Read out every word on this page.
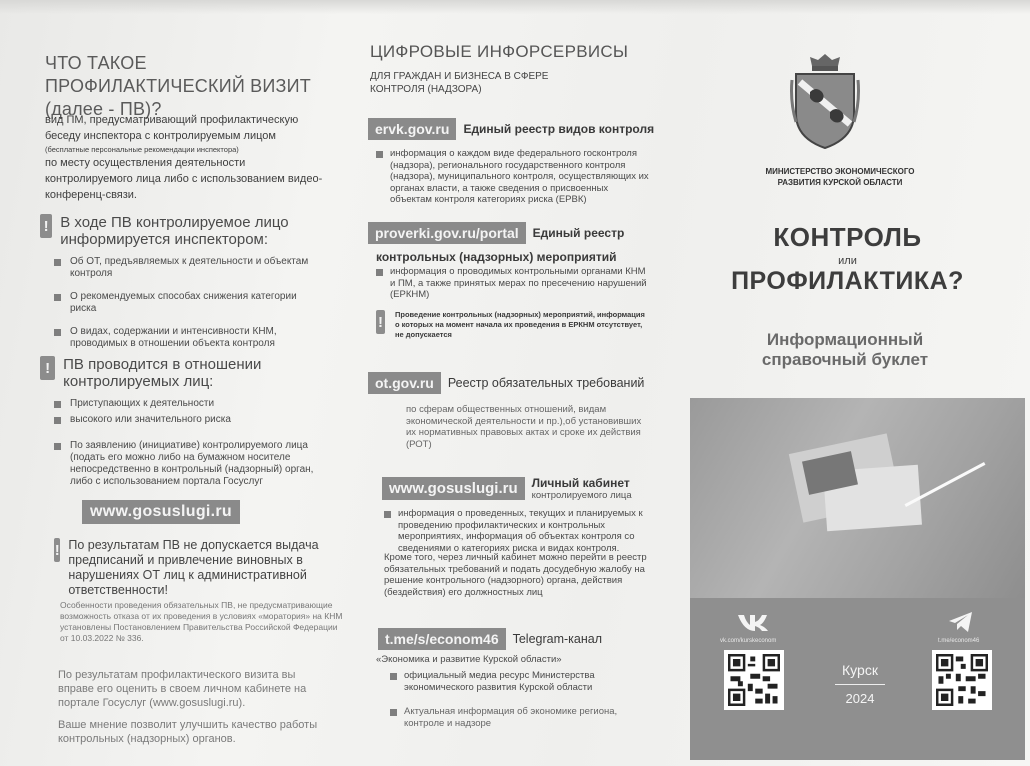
ЧТО ТАКОЕ ПРОФИЛАКТИЧЕСКИЙ ВИЗИТ (далее - ПВ)?
вид ПМ, предусматривающий профилактическую беседу инспектора с контролируемым лицом
(бесплатные персональные рекомендации инспектора)
по месту осуществления деятельности контролируемого лица либо с использованием видео-конференц-связи.
! В ходе ПВ контролируемое лицо информируется инспектором:
Об ОТ, предъявляемых к деятельности и объектам контроля
О рекомендуемых способах снижения категории риска
О видах, содержании и интенсивности КНМ, проводимых в отношении объекта контроля
! ПВ проводится в отношении контролируемых лиц:
Приступающих к деятельности
высокого или значительного риска
По заявлению (инициативе) контролируемого лица (подать его можно либо на бумажном носителе непосредственно в контрольный (надзорный) орган, либо с использованием портала Госуслуг
www.gosuslugi.ru
! По результатам ПВ не допускается выдача предписаний и привлечение виновных в нарушениях ОТ лиц к административной ответственности!
Особенности проведения обязательных ПВ, не предусматривающие возможность отказа от их проведения в условиях «моратория» на КНМ установлены Постановлением Правительства Российской Федерации от 10.03.2022 № 336.
По результатам профилактического визита вы вправе его оценить в своем личном кабинете на портале Госуслуг (www.gosuslugi.ru).
Ваше мнение позволит улучшить качество работы контрольных (надзорных) органов.
ЦИФРОВЫЕ ИНФОРСЕРВИСЫ
ДЛЯ ГРАЖДАН И БИЗНЕСА В СФЕРЕ КОНТРОЛЯ (НАДЗОРА)
ervk.gov.ru	Единый реестр видов контроля
информация о каждом виде федерального госконтроля (надзора), регионального государственного контроля (надзора), муниципального контроля, осуществляющих их органах власти, а также сведения о присвоенных объектам контроля категориях риска (ЕРВК)
proverki.gov.ru/portal	Единый реестр
контрольных (надзорных) мероприятий
информация о проводимых контрольными органами КНМ и ПМ, а также принятых мерах по пресечению нарушений (ЕРКНМ)
! Проведение контрольных (надзорных) мероприятий, информация о которых на момент начала их проведения в ЕРКНМ отсутствует, не допускается
ot.gov.ru	Реестр обязательных требований
по сферам общественных отношений, видам экономической деятельности и пр.),об установивших их нормативных правовых актах и сроке их действия (РОТ)
www.gosuslugi.ru	Личный кабинет
контролируемого лица
информация о проведенных, текущих и планируемых к проведению профилактических и контрольных мероприятиях, информация об объектах контроля со сведениями о категориях риска и видах контроля.
Кроме того, через личный кабинет можно перейти в реестр обязательных требований и подать досудебную жалобу на решение контрольного (надзорного) органа, действия (бездействия) его должностных лиц
t.me/s/econom46	Telegram-канал
«Экономика и развитие Курской области»
официальный медиа ресурс Министерства экономического развития Курской области
Актуальная информация об экономике региона, контроле и надзоре
МИНИСТЕРСТВО ЭКОНОМИЧЕСКОГО РАЗВИТИЯ КУРСКОЙ ОБЛАСТИ
КОНТРОЛЬ
или
ПРОФИЛАКТИКА?
Информационный справочный буклет
vk.com/kurskeconom	t.me/econom46
Курск
2024
